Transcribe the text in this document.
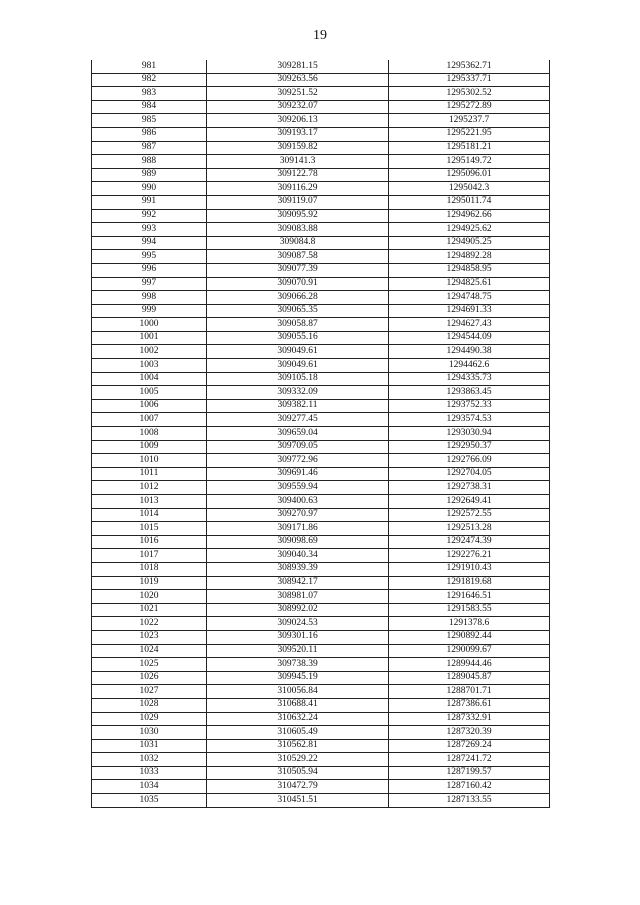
19
981	309281.15	1295362.71
982	309263.56	1295337.71
983	309251.52	1295302.52
984	309232.07	1295272.89
985	309206.13	1295237.7
986	309193.17	1295221.95
987	309159.82	1295181.21
988	309141.3	1295149.72
989	309122.78	1295096.01
990	309116.29	1295042.3
991	309119.07	1295011.74
992	309095.92	1294962.66
993	309083.88	1294925.62
994	309084.8	1294905.25
995	309087.58	1294892.28
996	309077.39	1294858.95
997	309070.91	1294825.61
998	309066.28	1294748.75
999	309065.35	1294691.33
1000	309058.87	1294627.43
1001	309055.16	1294544.09
1002	309049.61	1294490.38
1003	309049.61	1294462.6
1004	309105.18	1294335.73
1005	309332.09	1293863.45
1006	309382.11	1293752.33
1007	309277.45	1293574.53
1008	309659.04	1293030.94
1009	309709.05	1292950.37
1010	309772.96	1292766.09
1011	309691.46	1292704.05
1012	309559.94	1292738.31
1013	309400.63	1292649.41
1014	309270.97	1292572.55
1015	309171.86	1292513.28
1016	309098.69	1292474.39
1017	309040.34	1292276.21
1018	308939.39	1291910.43
1019	308942.17	1291819.68
1020	308981.07	1291646.51
1021	308992.02	1291583.55
1022	309024.53	1291378.6
1023	309301.16	1290892.44
1024	309520.11	1290099.67
1025	309738.39	1289944.46
1026	309945.19	1289045.87
1027	310056.84	1288701.71
1028	310688.41	1287386.61
1029	310632.24	1287332.91
1030	310605.49	1287320.39
1031	310562.81	1287269.24
1032	310529.22	1287241.72
1033	310505.94	1287199.57
1034	310472.79	1287160.42
1035	310451.51	1287133.55
